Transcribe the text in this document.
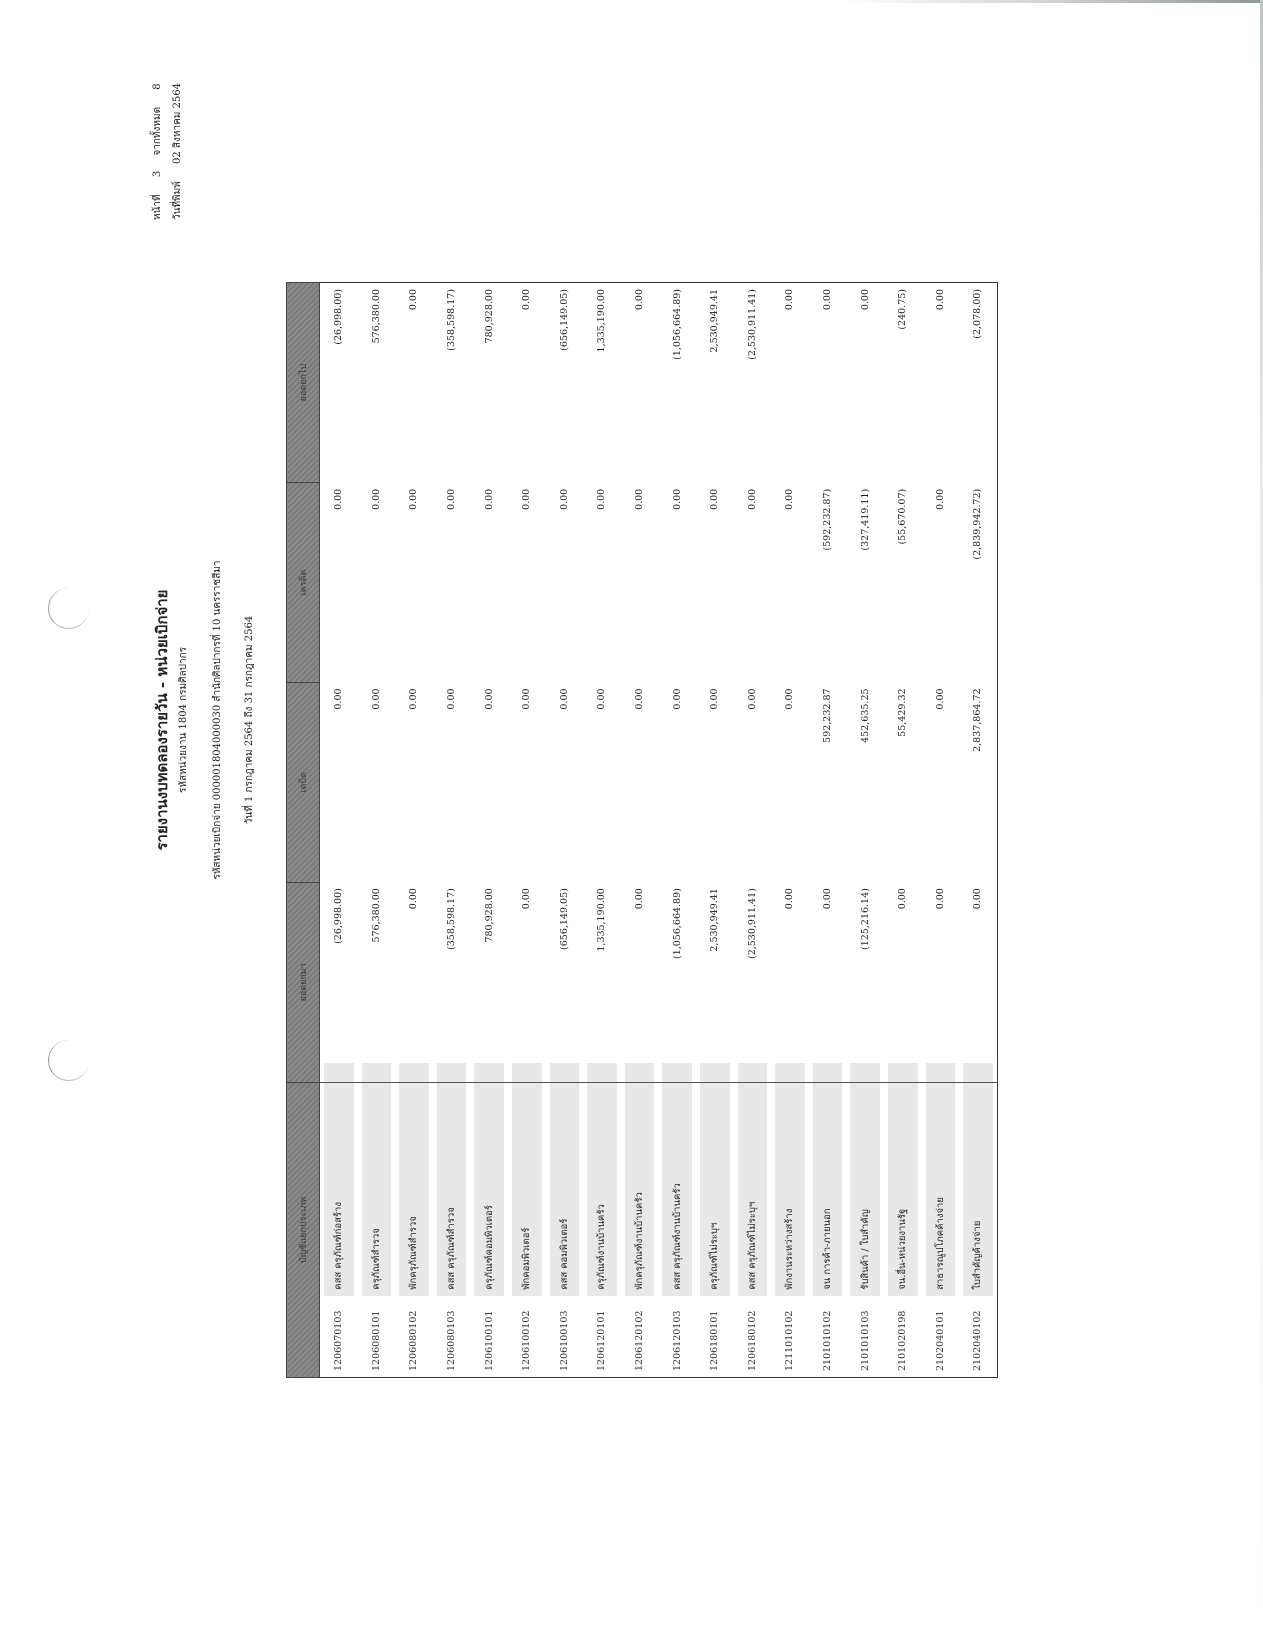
รายงานงบทดลองรายวัน - หน่วยเบิกจ่าย รหัสหน่วยงาน 1804 กรมศิลปากร รหัสหน่วยเบิกจ่าย 000001804000030 สำนักศิลปากรที่ 10 นครราชสีมา วันที่ 1 กรกฎาคม 2564 ถึง 31 กรกฎาคม 2564
หน้าที่ 3 จากทั้งหมด 8
วันที่พิมพ์ 02 สิงหาคม 2564
บัญชีแยกประเภท		ยอดยกมา	เดบิต	เครดิต	ยอดยกไป
1206070103	คสส ครุภัณฑ์ก่อสร้าง	(26,998.00)	0.00	0.00	(26,998.00)
1206080101	ครุภัณฑ์สำรวจ	576,380.00	0.00	0.00	576,380.00
1206080102	พักครุภัณฑ์สำรวจ	0.00	0.00	0.00	0.00
1206080103	คสส ครุภัณฑ์สำรวจ	(358,598.17)	0.00	0.00	(358,598.17)
1206100101	ครุภัณฑ์คอมพิวเตอร์	780,928.00	0.00	0.00	780,928.00
1206100102	พักคอมพิวเตอร์	0.00	0.00	0.00	0.00
1206100103	คสส คอมพิวเตอร์	(656,149.05)	0.00	0.00	(656,149.05)
1206120101	ครุภัณฑ์งานบ้านครัว	1,335,190.00	0.00	0.00	1,335,190.00
1206120102	พักครุภัณฑ์งานบ้านครัว	0.00	0.00	0.00	0.00
1206120103	คสส ครุภัณฑ์งานบ้านครัว	(1,056,664.89)	0.00	0.00	(1,056,664.89)
1206180101	ครุภัณฑ์ไม่ระบุฯ	2,530,949.41	0.00	0.00	2,530,949.41
1206180102	คสส ครุภัณฑ์ไม่ระบุฯ	(2,530,911.41)	0.00	0.00	(2,530,911.41)
1211010102	พักงานระหว่างสร้าง	0.00	0.00	0.00	0.00
2101010102	จน การค้า-ภายนอก	0.00	592,232.87	(592,232.87)	0.00
2101010103	รับสินค้า / ใบสำคัญ	(125,216.14)	452,635.25	(327,419.11)	0.00
2101020198	จน.อื่น-หน่วยงานรัฐ	0.00	55,429.32	(55,670.07)	(240.75)
2102040101	สาธารณูปโภคค้างจ่าย	0.00	0.00	0.00	0.00
2102040102	ใบสำคัญค้างจ่าย	0.00	2,837,864.72	(2,839,942.72)	(2,078.00)
